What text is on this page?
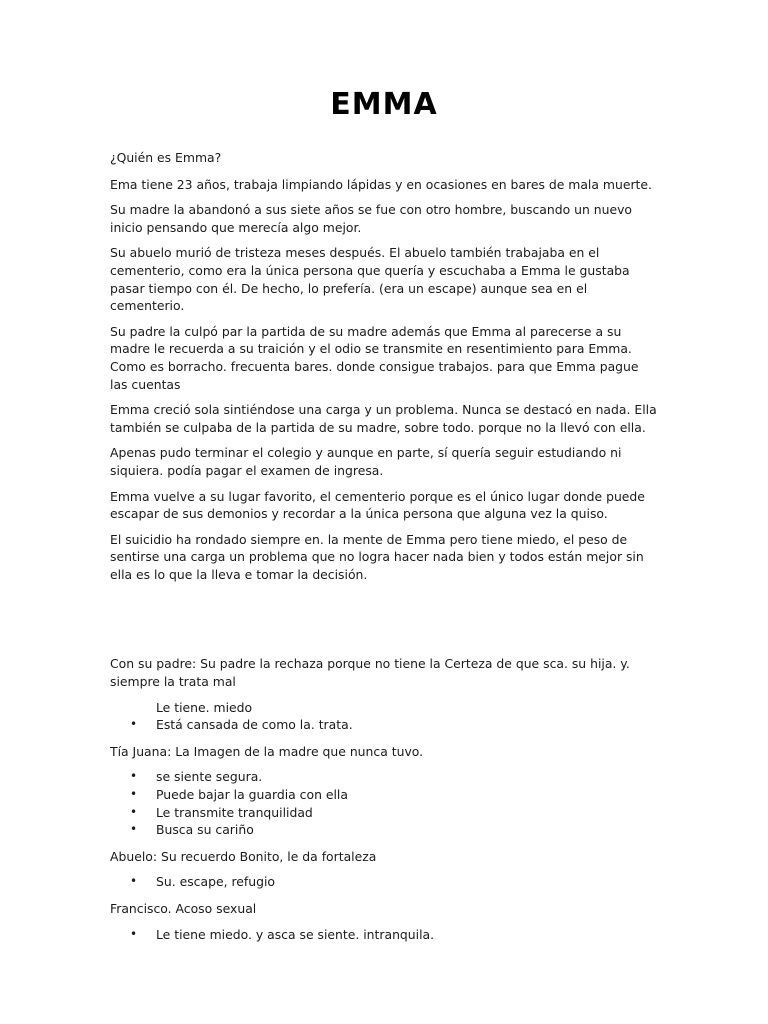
EMMA

¿Quién es Emma?

Ema tiene 23 años, trabaja limpiando lápidas y en ocasiones en bares de mala muerte.

Su madre la abandonó a sus siete años se fue con otro hombre, buscando un nuevo inicio pensando que merecía algo mejor.

Su abuelo murió de tristeza meses después. El abuelo también trabajaba en el cementerio, como era la única persona que quería y escuchaba a Emma le gustaba pasar tiempo con él. De hecho, lo prefería. (era un escape) aunque sea en el cementerio.

Su padre la culpó par la partida de su madre además que Emma al parecerse a su madre le recuerda a su traición y el odio se transmite en resentimiento para Emma. Como es borracho. frecuenta bares. donde consigue trabajos. para que Emma pague las cuentas

Emma creció sola sintiéndose una carga y un problema. Nunca se destacó en nada. Ella también se culpaba de la partida de su madre, sobre todo. porque no la llevó con ella.

Apenas pudo terminar el colegio y aunque en parte, sí quería seguir estudiando ni siquiera. podía pagar el examen de ingresa.

Emma vuelve a su lugar favorito, el cementerio porque es el único lugar donde puede escapar de sus demonios y recordar a la única persona que alguna vez la quiso.

El suicidio ha rondado siempre en. la mente de Emma pero tiene miedo, el peso de sentirse una carga un problema que no logra hacer nada bien y todos están mejor sin ella es lo que la lleva e tomar la decisión.

Con su padre: Su padre la rechaza porque no tiene la Certeza de que sca. su hija. y. siempre la trata mal

Le tiene. miedo
• Está cansada de como la. trata.

Tía Juana: La Imagen de la madre que nunca tuvo.

• se siente segura.
• Puede bajar la guardia con ella
• Le transmite tranquilidad
• Busca su cariño

Abuelo: Su recuerdo Bonito, le da fortaleza

• Su. escape, refugio

Francisco. Acoso sexual

• Le tiene miedo. y asca se siente. intranquila.
